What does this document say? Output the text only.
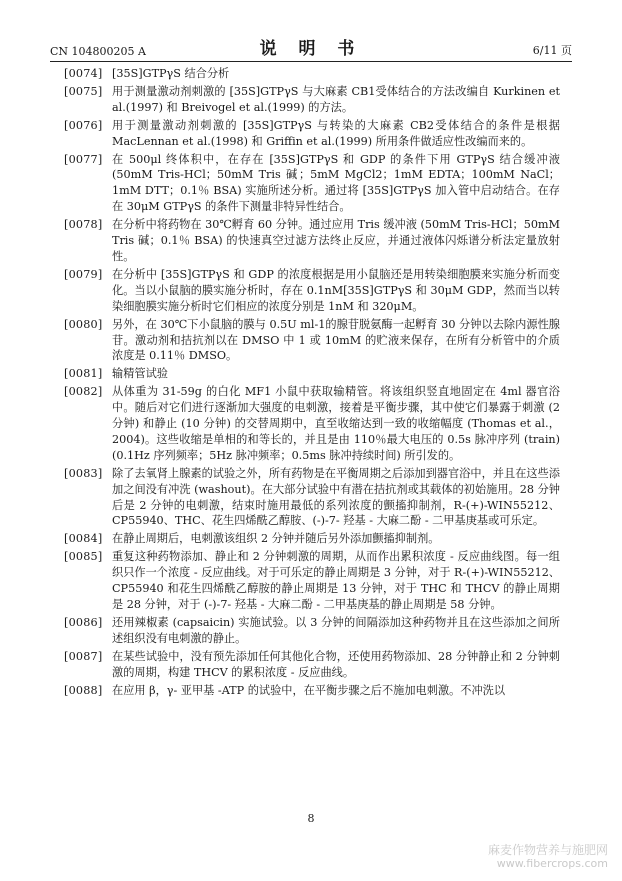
CN 104800205 A	说 明 书	6/11 页
[0074] [35S]GTPγS 结合分析
[0075] 用于测量激动剂刺激的 [35S]GTPγS 与大麻素 CB1受体结合的方法改编自 Kurkinen et al.(1997) 和 Breivogel et al.(1999) 的方法。
[0076] 用于测量激动剂刺激的 [35S]GTPγS 与转染的大麻素 CB2受体结合的条件是根据 MacLennan et al.(1998) 和 Griffin et al.(1999) 所用条件做适应性改编而来的。
[0077] 在 500μl 终体积中，在存在 [35S]GTPγS 和 GDP 的条件下用 GTPγS 结合缓冲液 (50mM Tris-HCl；50mM Tris 碱；5mM MgCl2；1mM EDTA；100mM NaCl；1mM DTT；0.1％ BSA) 实施所述分析。通过将 [35S]GTPγS 加入管中启动结合。在存在 30μM GTPγS 的条件下测量非特异性结合。
[0078] 在分析中将药物在 30℃孵育 60 分钟。通过应用 Tris 缓冲液 (50mM Tris-HCl；50mM Tris 碱；0.1％ BSA) 的快速真空过滤方法终止反应，并通过液体闪烁谱分析法定量放射性。
[0079] 在分析中 [35S]GTPγS 和 GDP 的浓度根据是用小鼠脑还是用转染细胞膜来实施分析而变化。当以小鼠脑的膜实施分析时，存在 0.1nM[35S]GTPγS 和 30μM GDP，然而当以转染细胞膜实施分析时它们相应的浓度分别是 1nM 和 320μM。
[0080] 另外，在 30℃下小鼠脑的膜与 0.5U ml-1的腺苷脱氨酶一起孵育 30 分钟以去除内源性腺苷。激动剂和拮抗剂以在 DMSO 中 1 或 10mM 的贮液来保存，在所有分析管中的介质浓度是 0.11％ DMSO。
[0081] 输精管试验
[0082] 从体重为 31-59g 的白化 MF1 小鼠中获取输精管。将该组织竖直地固定在 4ml 器官浴中。随后对它们进行逐渐加大强度的电刺激，接着是平衡步骤，其中使它们暴露于刺激 (2 分钟) 和静止 (10 分钟) 的交替周期中，直至收缩达到一致的收缩幅度 (Thomas et al.，2004)。这些收缩是单相的和等长的，并且是由 110％最大电压的 0.5s 脉冲序列 (train) (0.1Hz 序列频率；5Hz 脉冲频率；0.5ms 脉冲持续时间) 所引发的。
[0083] 除了去氧肾上腺素的试验之外，所有药物是在平衡周期之后添加到器官浴中，并且在这些添加之间没有冲洗 (washout)。在大部分试验中有潜在拮抗剂或其载体的初始施用。28 分钟后是 2 分钟的电刺激，结束时施用最低的系列浓度的颤搐抑制剂，R-(+)-WIN55212、CP55940、THC、花生四烯酰乙醇胺、(-)-7- 羟基 - 大麻二酚 - 二甲基庚基或可乐定。
[0084] 在静止周期后，电刺激该组织 2 分钟并随后另外添加颤搐抑制剂。
[0085] 重复这种药物添加、静止和 2 分钟刺激的周期，从而作出累积浓度 - 反应曲线图。每一组织只作一个浓度 - 反应曲线。对于可乐定的静止周期是 3 分钟，对于 R-(+)-WIN55212、CP55940 和花生四烯酰乙醇胺的静止周期是 13 分钟，对于 THC 和 THCV 的静止周期是 28 分钟，对于 (-)-7- 羟基 - 大麻二酚 - 二甲基庚基的静止周期是 58 分钟。
[0086] 还用辣椒素 (capsaicin) 实施试验。以 3 分钟的间隔添加这种药物并且在这些添加之间所述组织没有电刺激的静止。
[0087] 在某些试验中，没有预先添加任何其他化合物，还使用药物添加、28 分钟静止和 2 分钟刺激的周期，构建 THCV 的累积浓度 - 反应曲线。
[0088] 在应用 β，γ- 亚甲基 -ATP 的试验中，在平衡步骤之后不施加电刺激。不冲洗以
8
麻麦作物营养与施肥网
www.fibercrops.com
